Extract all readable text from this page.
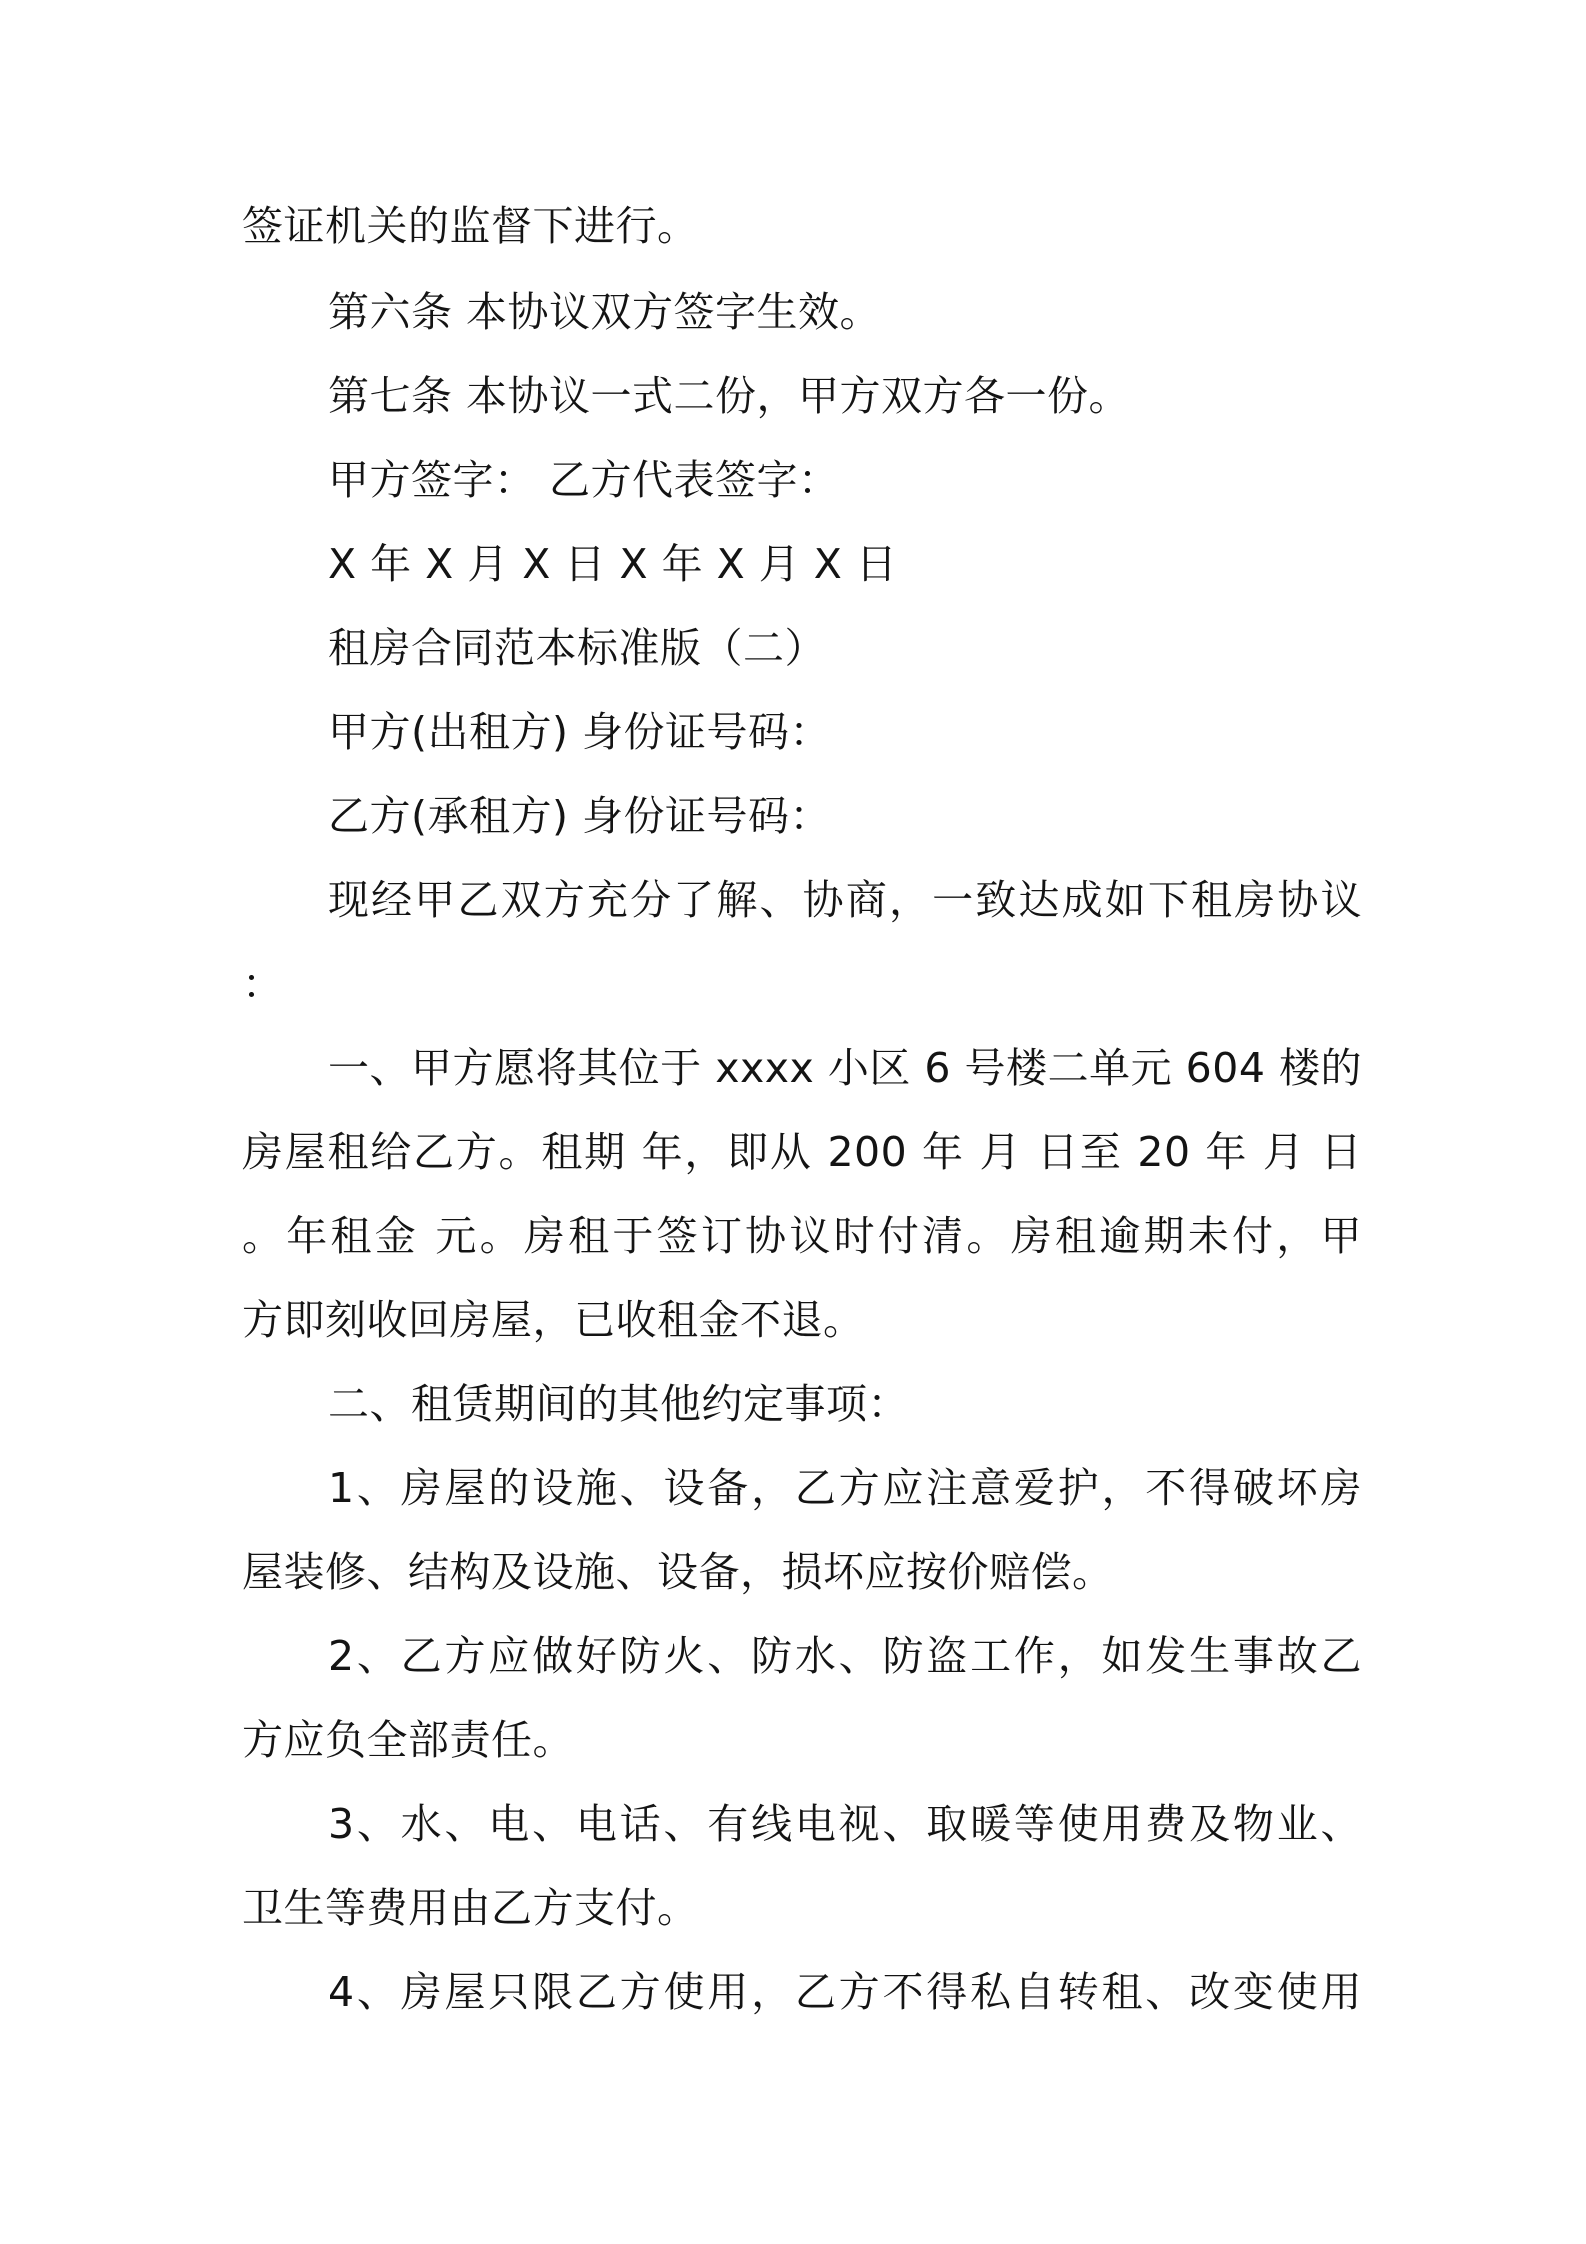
签证机关的监督下进行。
第六条 本协议双方签字生效。
第七条 本协议一式二份，甲方双方各一份。
甲方签字： 乙方代表签字：
X 年 X 月 X 日 X 年 X 月 X 日
租房合同范本标准版（二）
甲方(出租方) 身份证号码：
乙方(承租方) 身份证号码：
现经甲乙双方充分了解、协商，一致达成如下租房协议
：
一、甲方愿将其位于 xxxx 小区 6 号楼二单元 604 楼的
房屋租给乙方。租期 年，即从 200 年 月 日至 20 年 月 日
。年租金 元。房租于签订协议时付清。房租逾期未付，甲
方即刻收回房屋，已收租金不退。
二、租赁期间的其他约定事项：
1、房屋的设施、设备，乙方应注意爱护，不得破坏房
屋装修、结构及设施、设备，损坏应按价赔偿。
2、乙方应做好防火、防水、防盗工作，如发生事故乙
方应负全部责任。
3、水、电、电话、有线电视、取暖等使用费及物业、
卫生等费用由乙方支付。
4、房屋只限乙方使用，乙方不得私自转租、改变使用
